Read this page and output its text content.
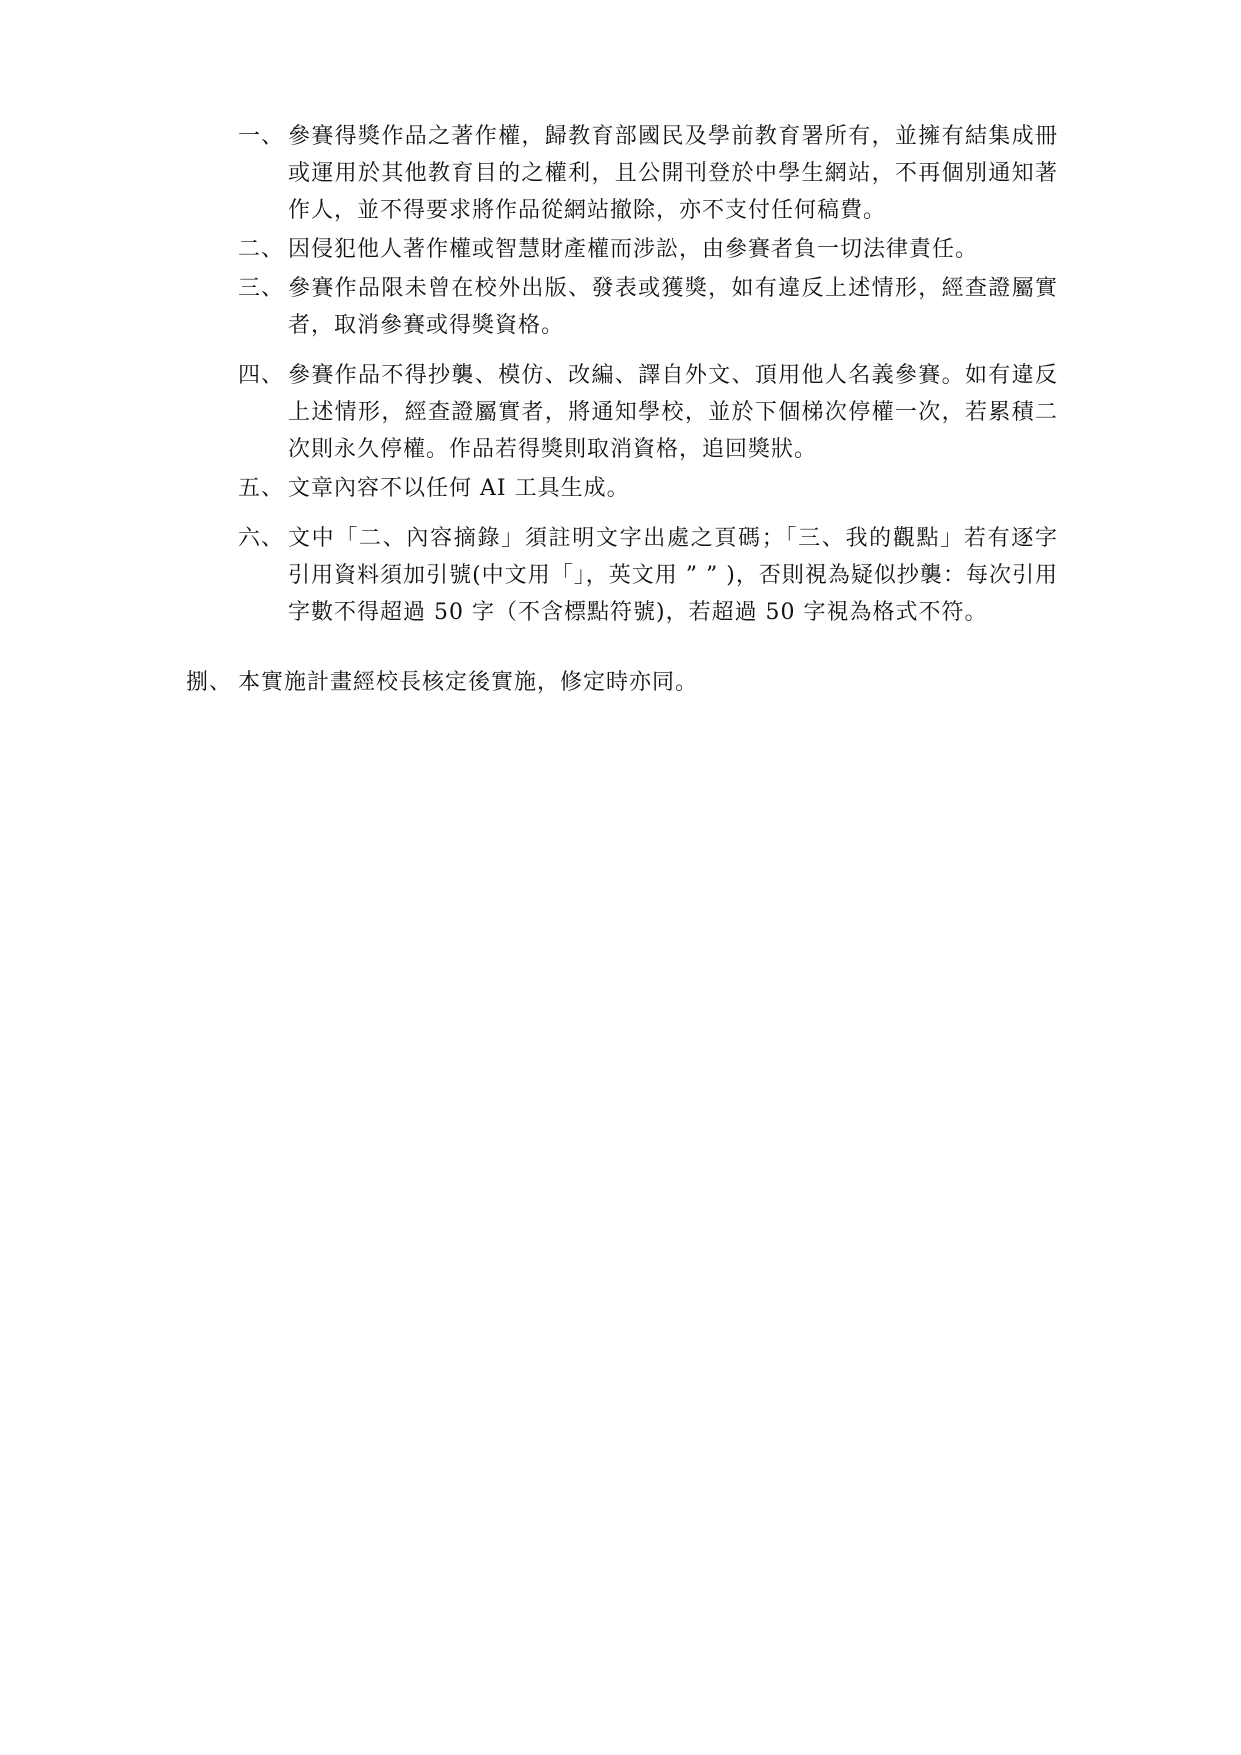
一、 參賽得獎作品之著作權，歸教育部國民及學前教育署所有，並擁有結集成冊或運用於其他教育目的之權利，且公開刊登於中學生網站，不再個別通知著作人，並不得要求將作品從網站撤除，亦不支付任何稿費。
二、 因侵犯他人著作權或智慧財產權而涉訟，由參賽者負一切法律責任。
三、 參賽作品限未曾在校外出版、發表或獲獎，如有違反上述情形，經查證屬實者，取消參賽或得獎資格。
四、 參賽作品不得抄襲、模仿、改編、譯自外文、頂用他人名義參賽。如有違反上述情形，經查證屬實者，將通知學校，並於下個梯次停權一次，若累積二次則永久停權。作品若得獎則取消資格，追回獎狀。
五、 文章內容不以任何 AI 工具生成。
六、 文中「二、內容摘錄」須註明文字出處之頁碼；「三、我的觀點」若有逐字引用資料須加引號(中文用「」，英文用 ” ” )，否則視為疑似抄襲：每次引用字數不得超過 50 字（不含標點符號)，若超過 50 字視為格式不符。
捌、 本實施計畫經校長核定後實施，修定時亦同。
